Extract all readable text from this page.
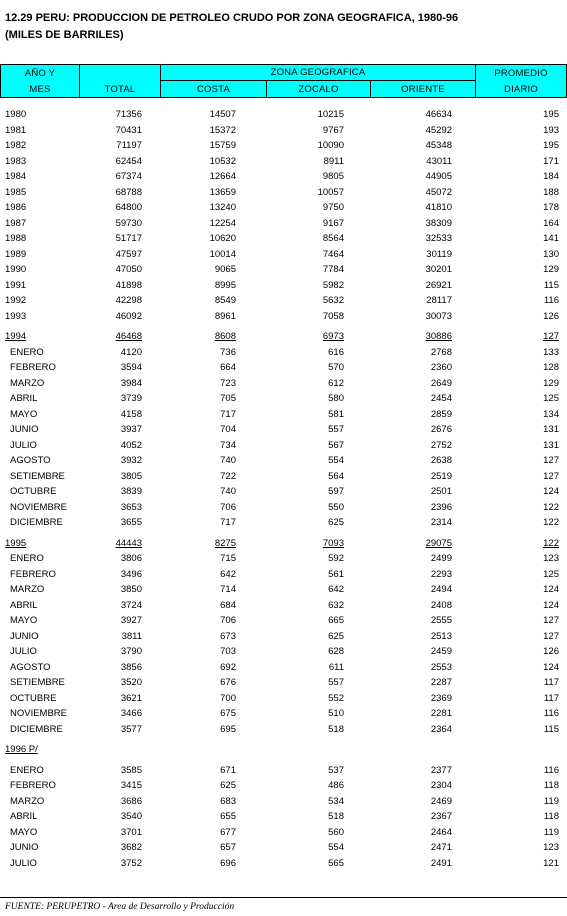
12.29 PERU: PRODUCCION DE PETROLEO CRUDO POR ZONA GEOGRAFICA, 1980-96
(MILES DE BARRILES)
AÑO Y
MES	TOTAL
ZONA GEOGRAFICA
COSTA	ZOCALO	ORIENTE
PROMEDIO
DIARIO
1980	71356	14507	10215	46634	195
1981	70431	15372	9767	45292	193
1982	71197	15759	10090	45348	195
1983	62454	10532	8911	43011	171
1984	67374	12664	9805	44905	184
1985	68788	13659	10057	45072	188
1986	64800	13240	9750	41810	178
1987	59730	12254	9167	38309	164
1988	51717	10620	8564	32533	141
1989	47597	10014	7464	30119	130
1990	47050	9065	7784	30201	129
1991	41898	8995	5982	26921	115
1992	42298	8549	5632	28117	116
1993	46092	8961	7058	30073	126
1994	46468	8608	6973	30886	127
ENERO	4120	736	616	2768	133
FEBRERO	3594	664	570	2360	128
MARZO	3984	723	612	2649	129
ABRIL	3739	705	580	2454	125
MAYO	4158	717	581	2859	134
JUNIO	3937	704	557	2676	131
JULIO	4052	734	567	2752	131
AGOSTO	3932	740	554	2638	127
SETIEMBRE	3805	722	564	2519	127
OCTUBRE	3839	740	597	2501	124
NOVIEMBRE	3653	706	550	2396	122
DICIEMBRE	3655	717	625	2314	122
1995	44443	8275	7093	29075	122
ENERO	3806	715	592	2499	123
FEBRERO	3496	642	561	2293	125
MARZO	3850	714	642	2494	124
ABRIL	3724	684	632	2408	124
MAYO	3927	706	665	2555	127
JUNIO	3811	673	625	2513	127
JULIO	3790	703	628	2459	126
AGOSTO	3856	692	611	2553	124
SETIEMBRE	3520	676	557	2287	117
OCTUBRE	3621	700	552	2369	117
NOVIEMBRE	3466	675	510	2281	116
DICIEMBRE	3577	695	518	2364	115
1996 P/
ENERO	3585	671	537	2377	116
FEBRERO	3415	625	486	2304	118
MARZO	3686	683	534	2469	119
ABRIL	3540	655	518	2367	118
MAYO	3701	677	560	2464	119
JUNIO	3682	657	554	2471	123
JULIO	3752	696	565	2491	121
FUENTE: PERUPETRO - Area de Desarrollo y Producción
